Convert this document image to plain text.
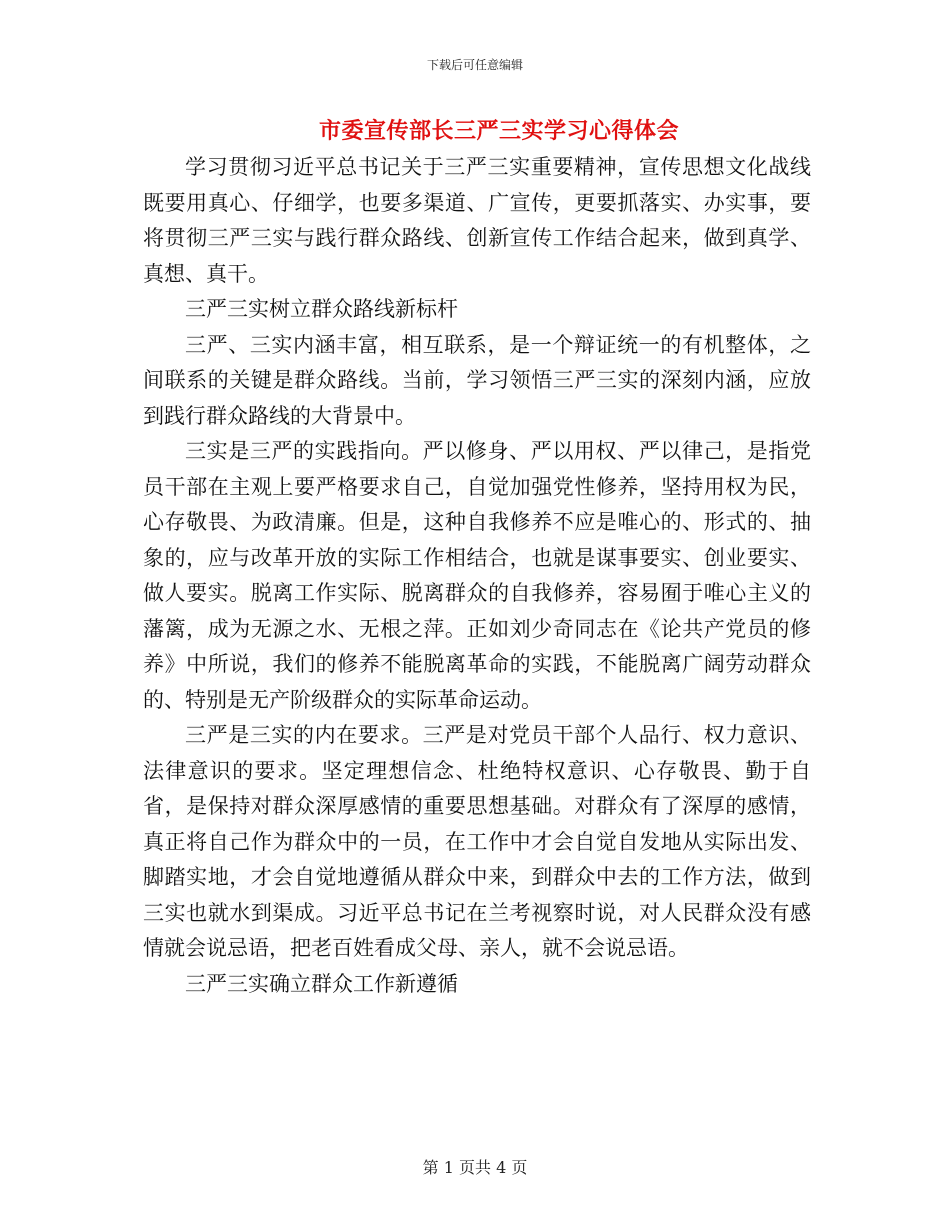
下载后可任意编辑
市委宣传部长三严三实学习心得体会

学习贯彻习近平总书记关于三严三实重要精神，宣传思想文化战线既要用真心、仔细学，也要多渠道、广宣传，更要抓落实、办实事，要将贯彻三严三实与践行群众路线、创新宣传工作结合起来，做到真学、真想、真干。

三严三实树立群众路线新标杆

三严、三实内涵丰富，相互联系，是一个辩证统一的有机整体，之间联系的关键是群众路线。当前，学习领悟三严三实的深刻内涵，应放到践行群众路线的大背景中。

三实是三严的实践指向。严以修身、严以用权、严以律己，是指党员干部在主观上要严格要求自己，自觉加强党性修养，坚持用权为民，心存敬畏、为政清廉。但是，这种自我修养不应是唯心的、形式的、抽象的，应与改革开放的实际工作相结合，也就是谋事要实、创业要实、做人要实。脱离工作实际、脱离群众的自我修养，容易囿于唯心主义的藩篱，成为无源之水、无根之萍。正如刘少奇同志在《论共产党员的修养》中所说，我们的修养不能脱离革命的实践，不能脱离广阔劳动群众的、特别是无产阶级群众的实际革命运动。

三严是三实的内在要求。三严是对党员干部个人品行、权力意识、法律意识的要求。坚定理想信念、杜绝特权意识、心存敬畏、勤于自省，是保持对群众深厚感情的重要思想基础。对群众有了深厚的感情，真正将自己作为群众中的一员，在工作中才会自觉自发地从实际出发、脚踏实地，才会自觉地遵循从群众中来，到群众中去的工作方法，做到三实也就水到渠成。习近平总书记在兰考视察时说，对人民群众没有感情就会说忌语，把老百姓看成父母、亲人，就不会说忌语。

三严三实确立群众工作新遵循

第 1 页共 4 页
